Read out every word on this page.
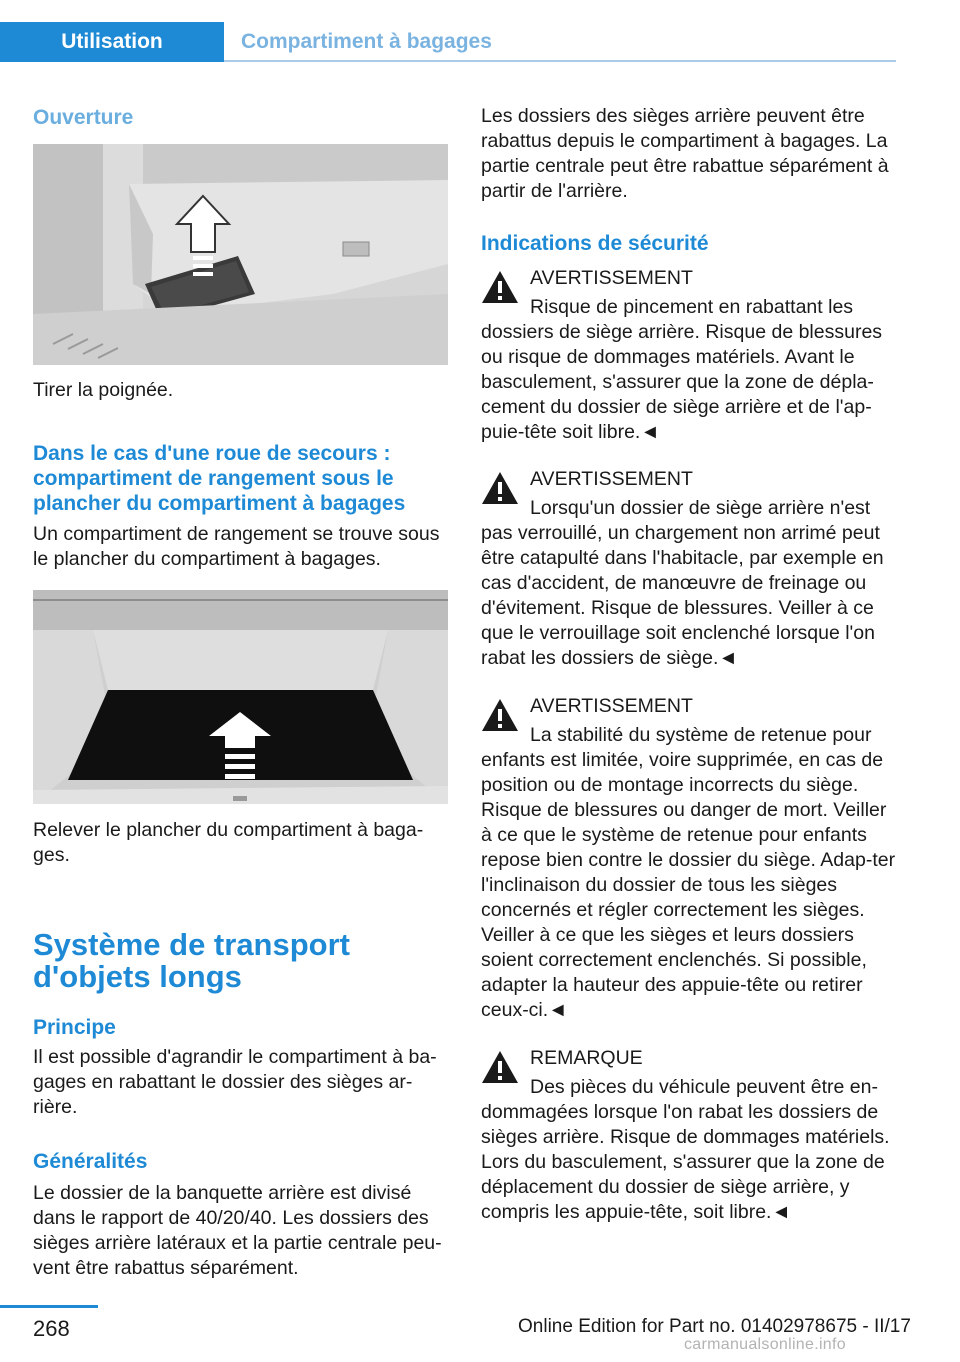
Utilisation	Compartiment à bagages
Ouverture

Tirer la poignée.

Dans le cas d'une roue de secours : compartiment de rangement sous le plancher du compartiment à bagages

Un compartiment de rangement se trouve sous le plancher du compartiment à bagages.

Relever le plancher du compartiment à baga-ges.

Système de transport d'objets longs
Principe

Il est possible d'agrandir le compartiment à ba-gages en rabattant le dossier des sièges ar-rière.

Généralités

Le dossier de la banquette arrière est divisé dans le rapport de 40/20/40. Les dossiers des sièges arrière latéraux et la partie centrale peu-vent être rabattus séparément.

Les dossiers des sièges arrière peuvent être rabattus depuis le compartiment à bagages. La partie centrale peut être rabattue séparément à partir de l'arrière.

Indications de sécurité
AVERTISSEMENT
Risque de pincement en rabattant les dossiers de siège arrière. Risque de blessures ou risque de dommages matériels. Avant le basculement, s'assurer que la zone de dépla-cement du dossier de siège arrière et de l'ap-puie-tête soit libre.◄
AVERTISSEMENT
Lorsqu'un dossier de siège arrière n'est pas verrouillé, un chargement non arrimé peut être catapulté dans l'habitacle, par exemple en cas d'accident, de manœuvre de freinage ou d'évitement. Risque de blessures. Veiller à ce que le verrouillage soit enclenché lorsque l'on rabat les dossiers de siège.◄
AVERTISSEMENT
La stabilité du système de retenue pour enfants est limitée, voire supprimée, en cas de position ou de montage incorrects du siège. Risque de blessures ou danger de mort. Veiller à ce que le système de retenue pour enfants repose bien contre le dossier du siège. Adap-ter l'inclinaison du dossier de tous les sièges concernés et régler correctement les sièges. Veiller à ce que les sièges et leurs dossiers soient correctement enclenchés. Si possible, adapter la hauteur des appuie-tête ou retirer ceux-ci.◄
REMARQUE
Des pièces du véhicule peuvent être en-dommagées lorsque l'on rabat les dossiers de sièges arrière. Risque de dommages matériels. Lors du basculement, s'assurer que la zone de déplacement du dossier de siège arrière, y compris les appuie-tête, soit libre.◄
268	Online Edition for Part no. 01402978675 - II/17
carmanualsonline.info
